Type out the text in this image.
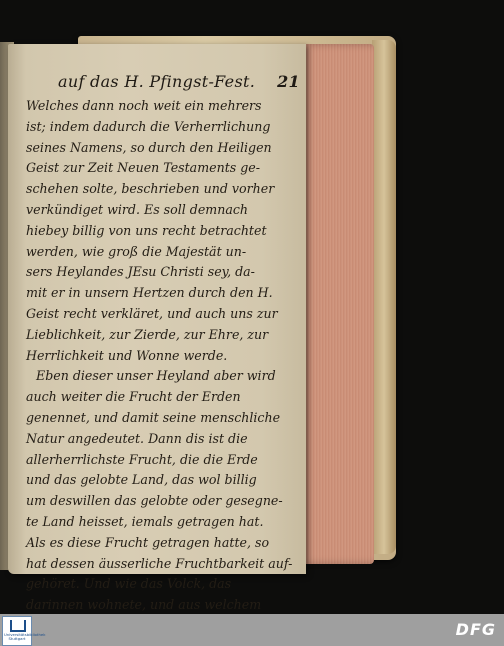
auf das H. Pfingst-Fest. 21
Welches dann noch weit ein mehrers
ist; indem dadurch die Verherrlichung
seines Namens, so durch den Heiligen
Geist zur Zeit Neuen Testaments ge-
schehen solte, beschrieben und vorher
verkündiget wird. Es soll demnach
hiebey billig von uns recht betrachtet
werden, wie groß die Majestät un-
sers Heylandes JEsu Christi sey, da-
mit er in unsern Hertzen durch den H.
Geist recht verkläret, und auch uns zur
Lieblichkeit, zur Zierde, zur Ehre, zur
Herrlichkeit und Wonne werde.
Eben dieser unser Heyland aber wird
auch weiter die Frucht der Erden
genennet, und damit seine menschliche
Natur angedeutet. Dann dis ist die
allerherrlichste Frucht, die die Erde
und das gelobte Land, das wol billig
um deswillen das gelobte oder gesegne-
te Land heisset, iemals getragen hat.
Als es diese Frucht getragen hatte, so
hat dessen äusserliche Fruchtbarkeit auf-
gehöret. Und wie das Volck, das
darinnen wohnete, und aus welchem
Universitätsbibliothek Stuttgart	DFG
